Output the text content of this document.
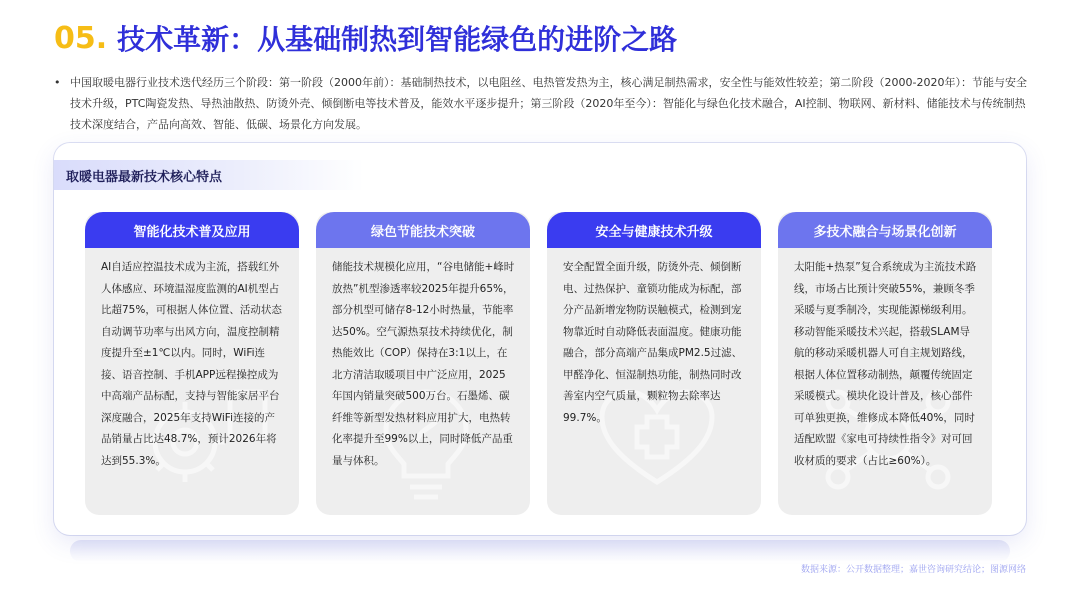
05. 技术革新：从基础制热到智能绿色的进阶之路
• 中国取暖电器行业技术迭代经历三个阶段：第一阶段（2000年前）：基础制热技术，以电阻丝、电热管发热为主，核心满足制热需求，安全性与能效性较差；第二阶段（2000-2020年）：节能与安全技术升级，PTC陶瓷发热、导热油散热、防烫外壳、倾倒断电等技术普及，能效水平逐步提升；第三阶段（2020年至今）：智能化与绿色化技术融合，AI控制、物联网、新材料、储能技术与传统制热技术深度结合，产品向高效、智能、低碳、场景化方向发展。
取暖电器最新技术核心特点
智能化技术普及应用
AI自适应控温技术成为主流，搭载红外人体感应、环境温湿度监测的AI机型占比超75%，可根据人体位置、活动状态自动调节功率与出风方向，温度控制精度提升至±1℃以内。同时，WiFi连接、语音控制、手机APP远程操控成为中高端产品标配，支持与智能家居平台深度融合，2025年支持WiFi连接的产品销量占比达48.7%，预计2026年将达到55.3%。
绿色节能技术突破
储能技术规模化应用，“谷电储能+峰时放热”机型渗透率较2025年提升65%，部分机型可储存8-12小时热量，节能率达50%。空气源热泵技术持续优化，制热能效比（COP）保持在3:1以上，在北方清洁取暖项目中广泛应用，2025年国内销量突破500万台。石墨烯、碳纤维等新型发热材料应用扩大，电热转化率提升至99%以上，同时降低产品重量与体积。
安全与健康技术升级
安全配置全面升级，防烫外壳、倾倒断电、过热保护、童锁功能成为标配，部分产品新增宠物防误触模式，检测到宠物靠近时自动降低表面温度。健康功能融合，部分高端产品集成PM2.5过滤、甲醛净化、恒湿制热功能，制热同时改善室内空气质量，颗粒物去除率达99.7%。
多技术融合与场景化创新
太阳能+热泵”复合系统成为主流技术路线，市场占比预计突破55%，兼顾冬季采暖与夏季制冷，实现能源梯级利用。移动智能采暖技术兴起，搭载SLAM导航的移动采暖机器人可自主规划路线，根据人体位置移动制热，颠覆传统固定采暖模式。模块化设计普及，核心部件可单独更换，维修成本降低40%，同时适配欧盟《家电可持续性指令》对可回收材质的要求（占比≥60%）。
数据来源：公开数据整理；嘉世咨询研究结论；图源网络
